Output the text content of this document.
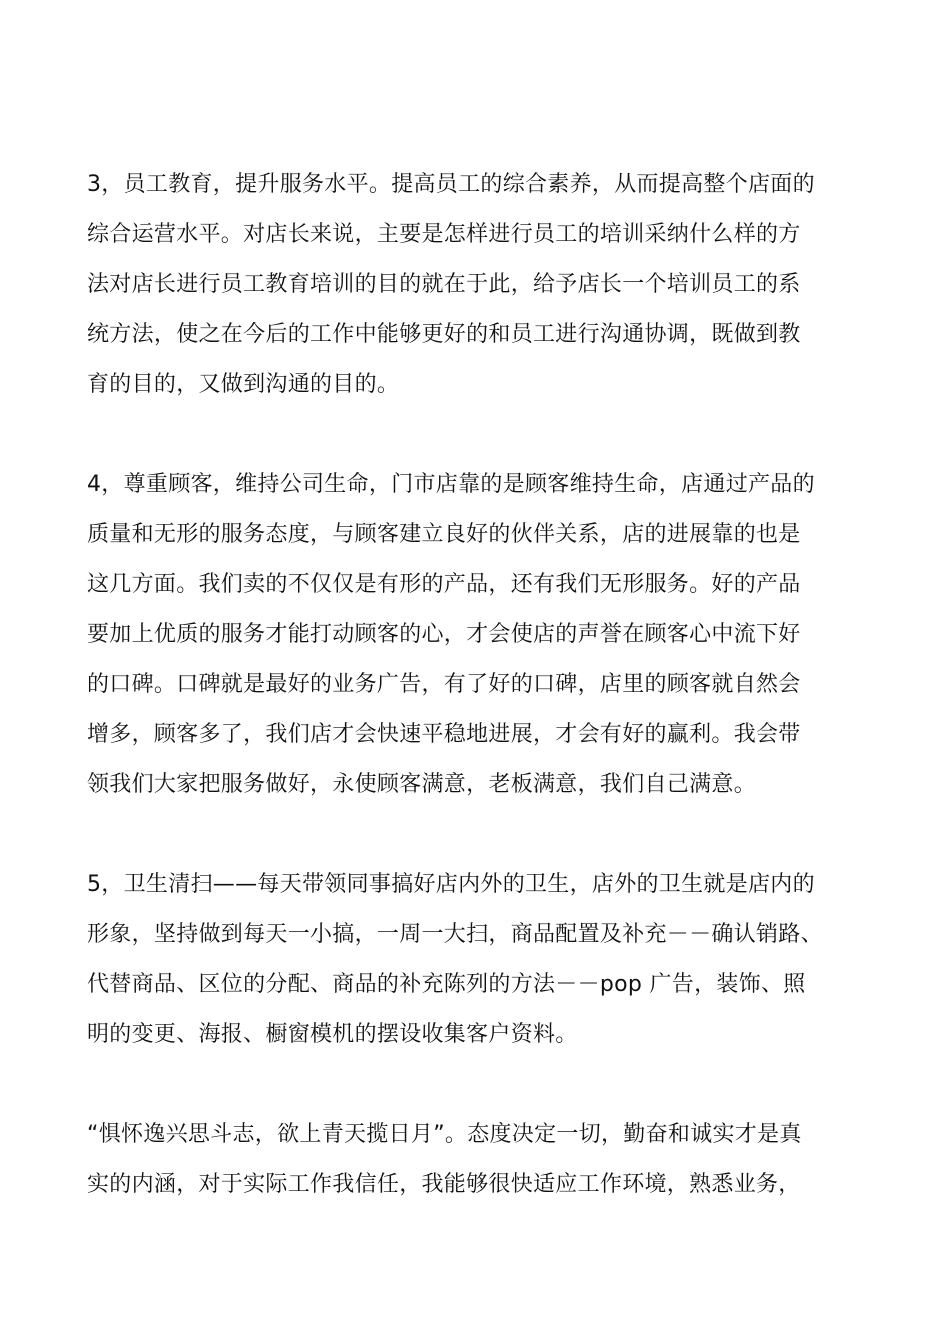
3，员工教育，提升服务水平。提高员工的综合素养，从而提高整个店面的
综合运营水平。对店长来说，主要是怎样进行员工的培训采纳什么样的方
法对店长进行员工教育培训的目的就在于此，给予店长一个培训员工的系
统方法，使之在今后的工作中能够更好的和员工进行沟通协调，既做到教
育的目的，又做到沟通的目的。
4，尊重顾客，维持公司生命，门市店靠的是顾客维持生命，店通过产品的
质量和无形的服务态度，与顾客建立良好的伙伴关系，店的进展靠的也是
这几方面。我们卖的不仅仅是有形的产品，还有我们无形服务。好的产品
要加上优质的服务才能打动顾客的心，才会使店的声誉在顾客心中流下好
的口碑。口碑就是最好的业务广告，有了好的口碑，店里的顾客就自然会
增多，顾客多了，我们店才会快速平稳地进展，才会有好的赢利。我会带
领我们大家把服务做好，永使顾客满意，老板满意，我们自己满意。
5，卫生清扫——每天带领同事搞好店内外的卫生，店外的卫生就是店内的
形象，坚持做到每天一小搞，一周一大扫，商品配置及补充－－确认销路、
代替商品、区位的分配、商品的补充陈列的方法－－pop 广告，装饰、照
明的变更、海报、橱窗模机的摆设收集客户资料。
“惧怀逸兴思斗志，欲上青天揽日月”。态度决定一切，勤奋和诚实才是真
实的内涵，对于实际工作我信任，我能够很快适应工作环境，熟悉业务，
